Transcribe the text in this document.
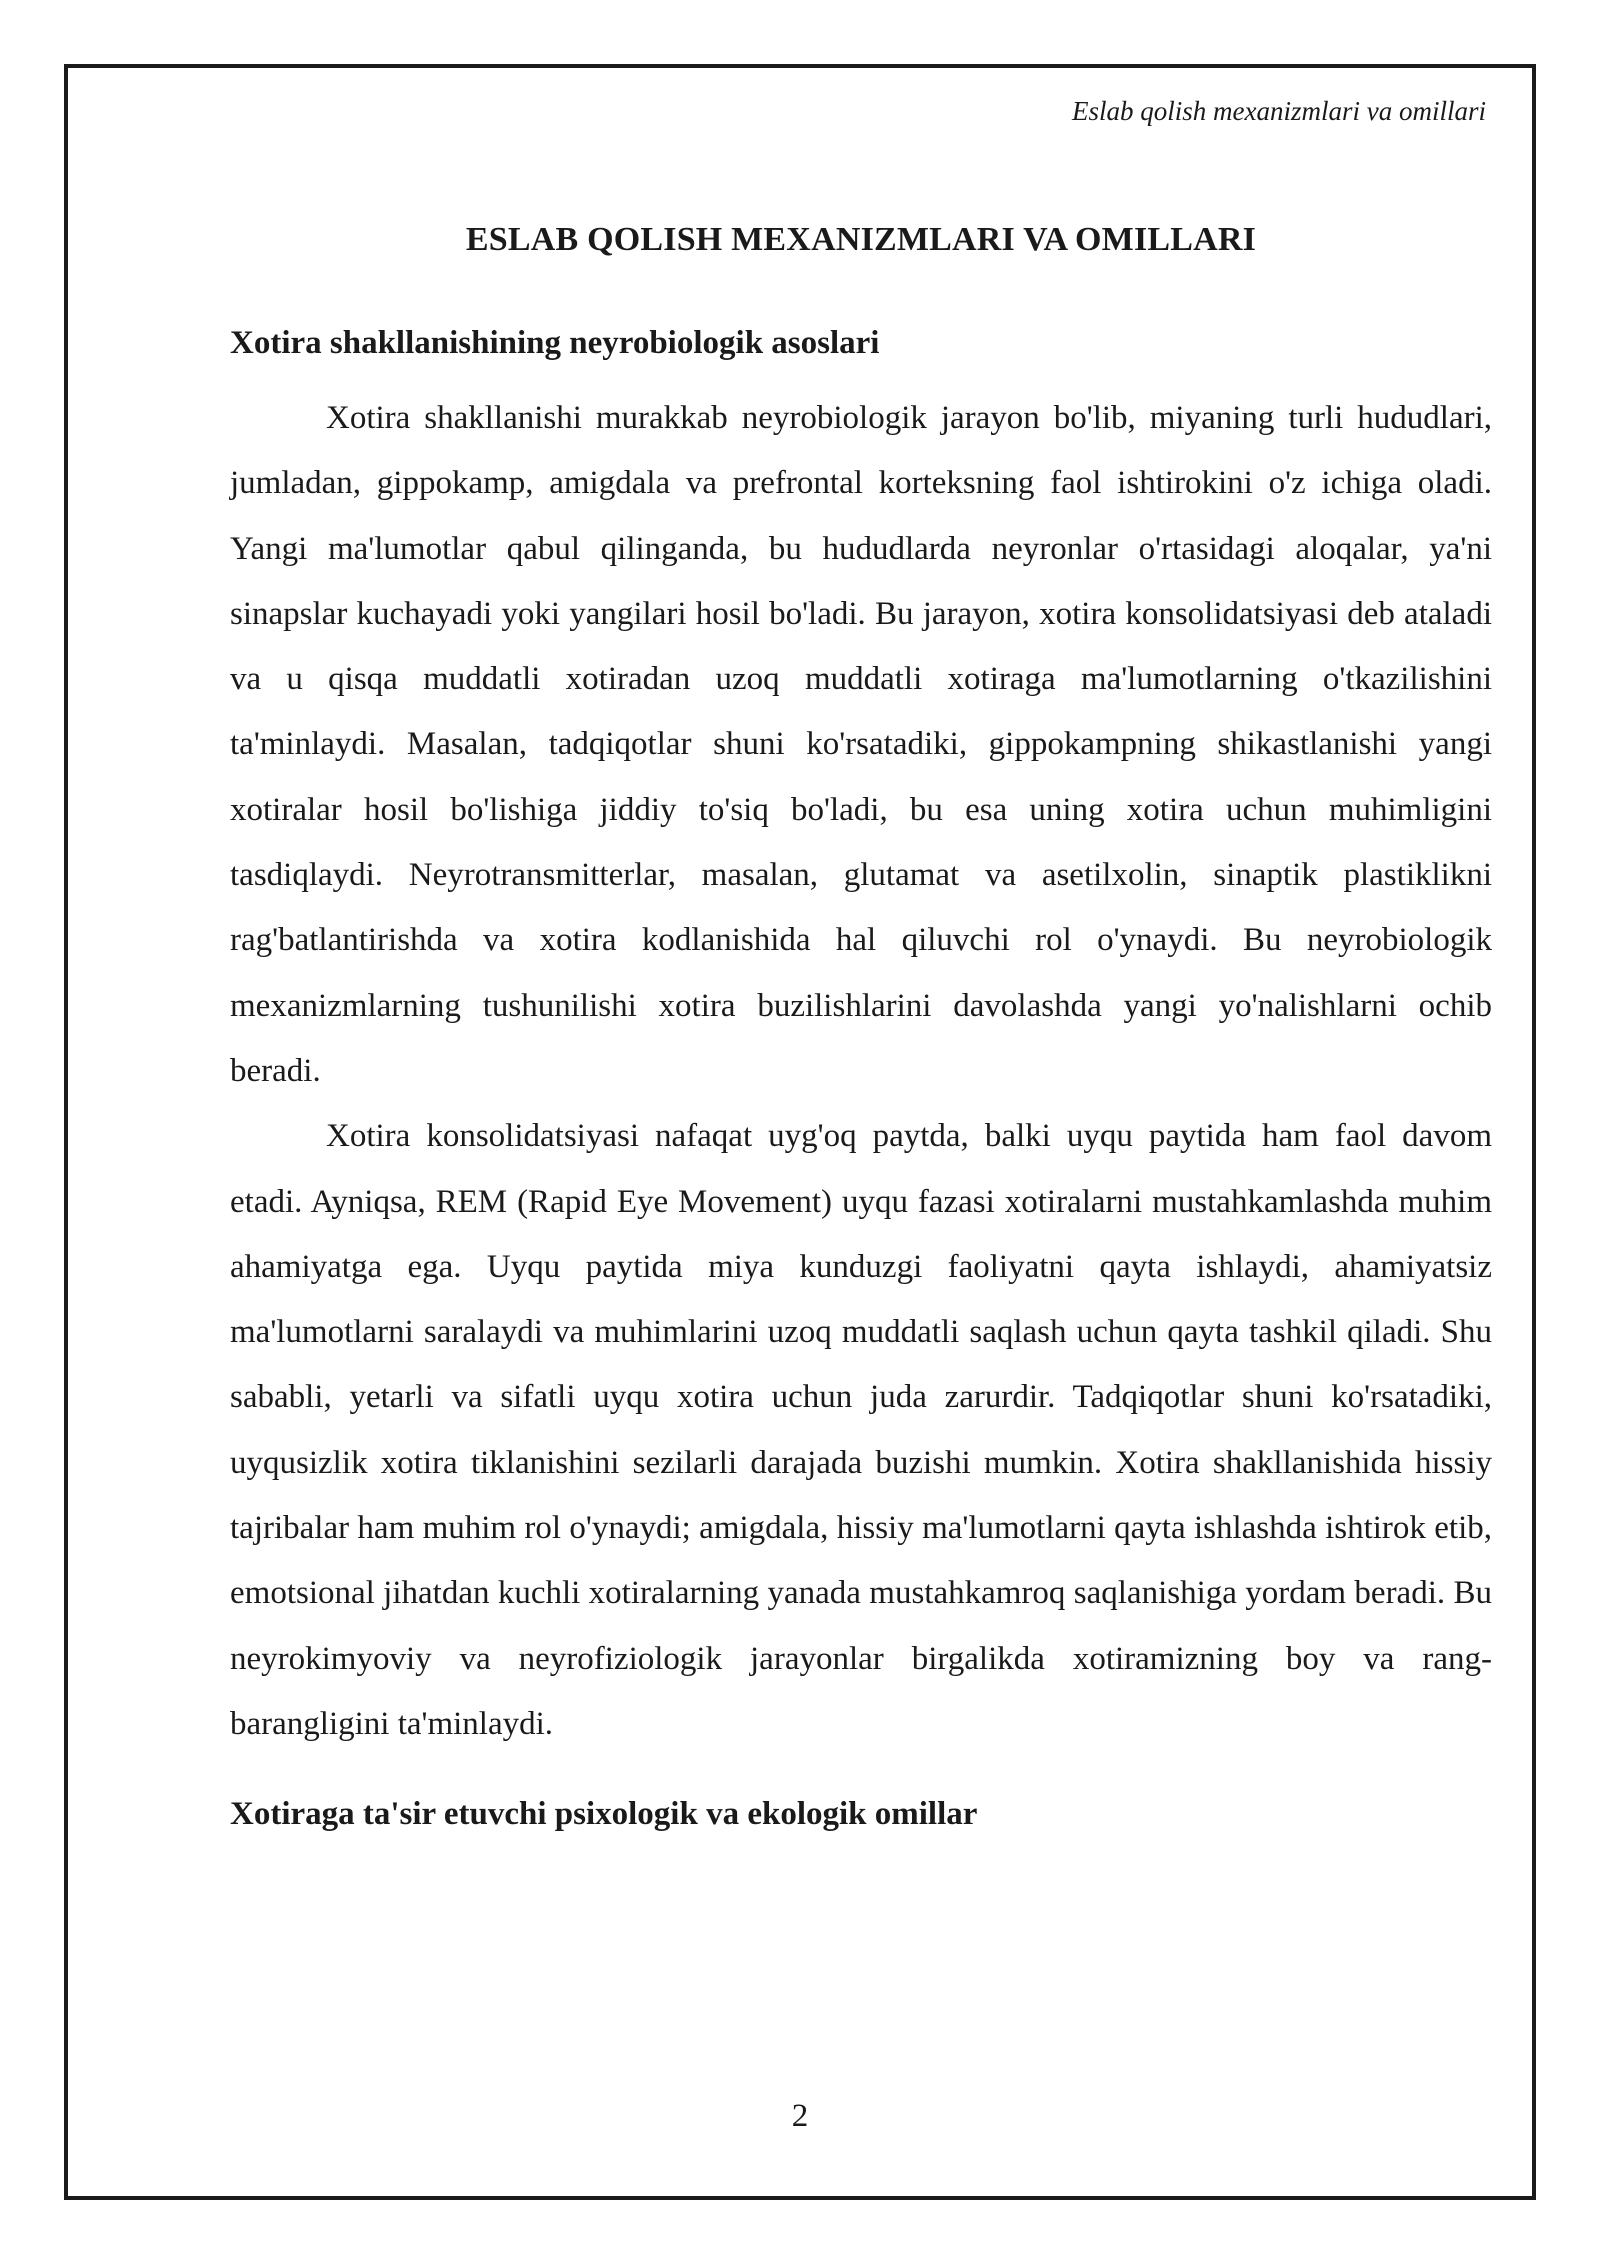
Eslab qolish mexanizmlari va omillari
ESLAB QOLISH MEXANIZMLARI VA OMILLARI
Xotira shakllanishining neyrobiologik asoslari

Xotira shakllanishi murakkab neyrobiologik jarayon bo'lib, miyaning turli hududlari, jumladan, gippokamp, amigdala va prefrontal korteksning faol ishtirokini o'z ichiga oladi. Yangi ma'lumotlar qabul qilinganda, bu hududlarda neyronlar o'rtasidagi aloqalar, ya'ni sinapslar kuchayadi yoki yangilari hosil bo'ladi. Bu jarayon, xotira konsolidatsiyasi deb ataladi va u qisqa muddatli xotiradan uzoq muddatli xotiraga ma'lumotlarning o'tkazilishini ta'minlaydi. Masalan, tadqiqotlar shuni ko'rsatadiki, gippokampning shikastlanishi yangi xotiralar hosil bo'lishiga jiddiy to'siq bo'ladi, bu esa uning xotira uchun muhimligini tasdiqlaydi. Neyrotransmitterlar, masalan, glutamat va asetilxolin, sinaptik plastiklikni rag'batlantirishda va xotira kodlanishida hal qiluvchi rol o'ynaydi. Bu neyrobiologik mexanizmlarning tushunilishi xotira buzilishlarini davolashda yangi yo'nalishlarni ochib beradi.

Xotira konsolidatsiyasi nafaqat uyg'oq paytda, balki uyqu paytida ham faol davom etadi. Ayniqsa, REM (Rapid Eye Movement) uyqu fazasi xotiralarni mustahkamlashda muhim ahamiyatga ega. Uyqu paytida miya kunduzgi faoliyatni qayta ishlaydi, ahamiyatsiz ma'lumotlarni saralaydi va muhimlarini uzoq muddatli saqlash uchun qayta tashkil qiladi. Shu sababli, yetarli va sifatli uyqu xotira uchun juda zarurdir. Tadqiqotlar shuni ko'rsatadiki, uyqusizlik xotira tiklanishini sezilarli darajada buzishi mumkin. Xotira shakllanishida hissiy tajribalar ham muhim rol o'ynaydi; amigdala, hissiy ma'lumotlarni qayta ishlashda ishtirok etib, emotsional jihatdan kuchli xotiralarning yanada mustahkamroq saqlanishiga yordam beradi. Bu neyrokimyoviy va neyrofiziologik jarayonlar birgalikda xotiramizning boy va rang-barangligini ta'minlaydi.

Xotiraga ta'sir etuvchi psixologik va ekologik omillar
2
